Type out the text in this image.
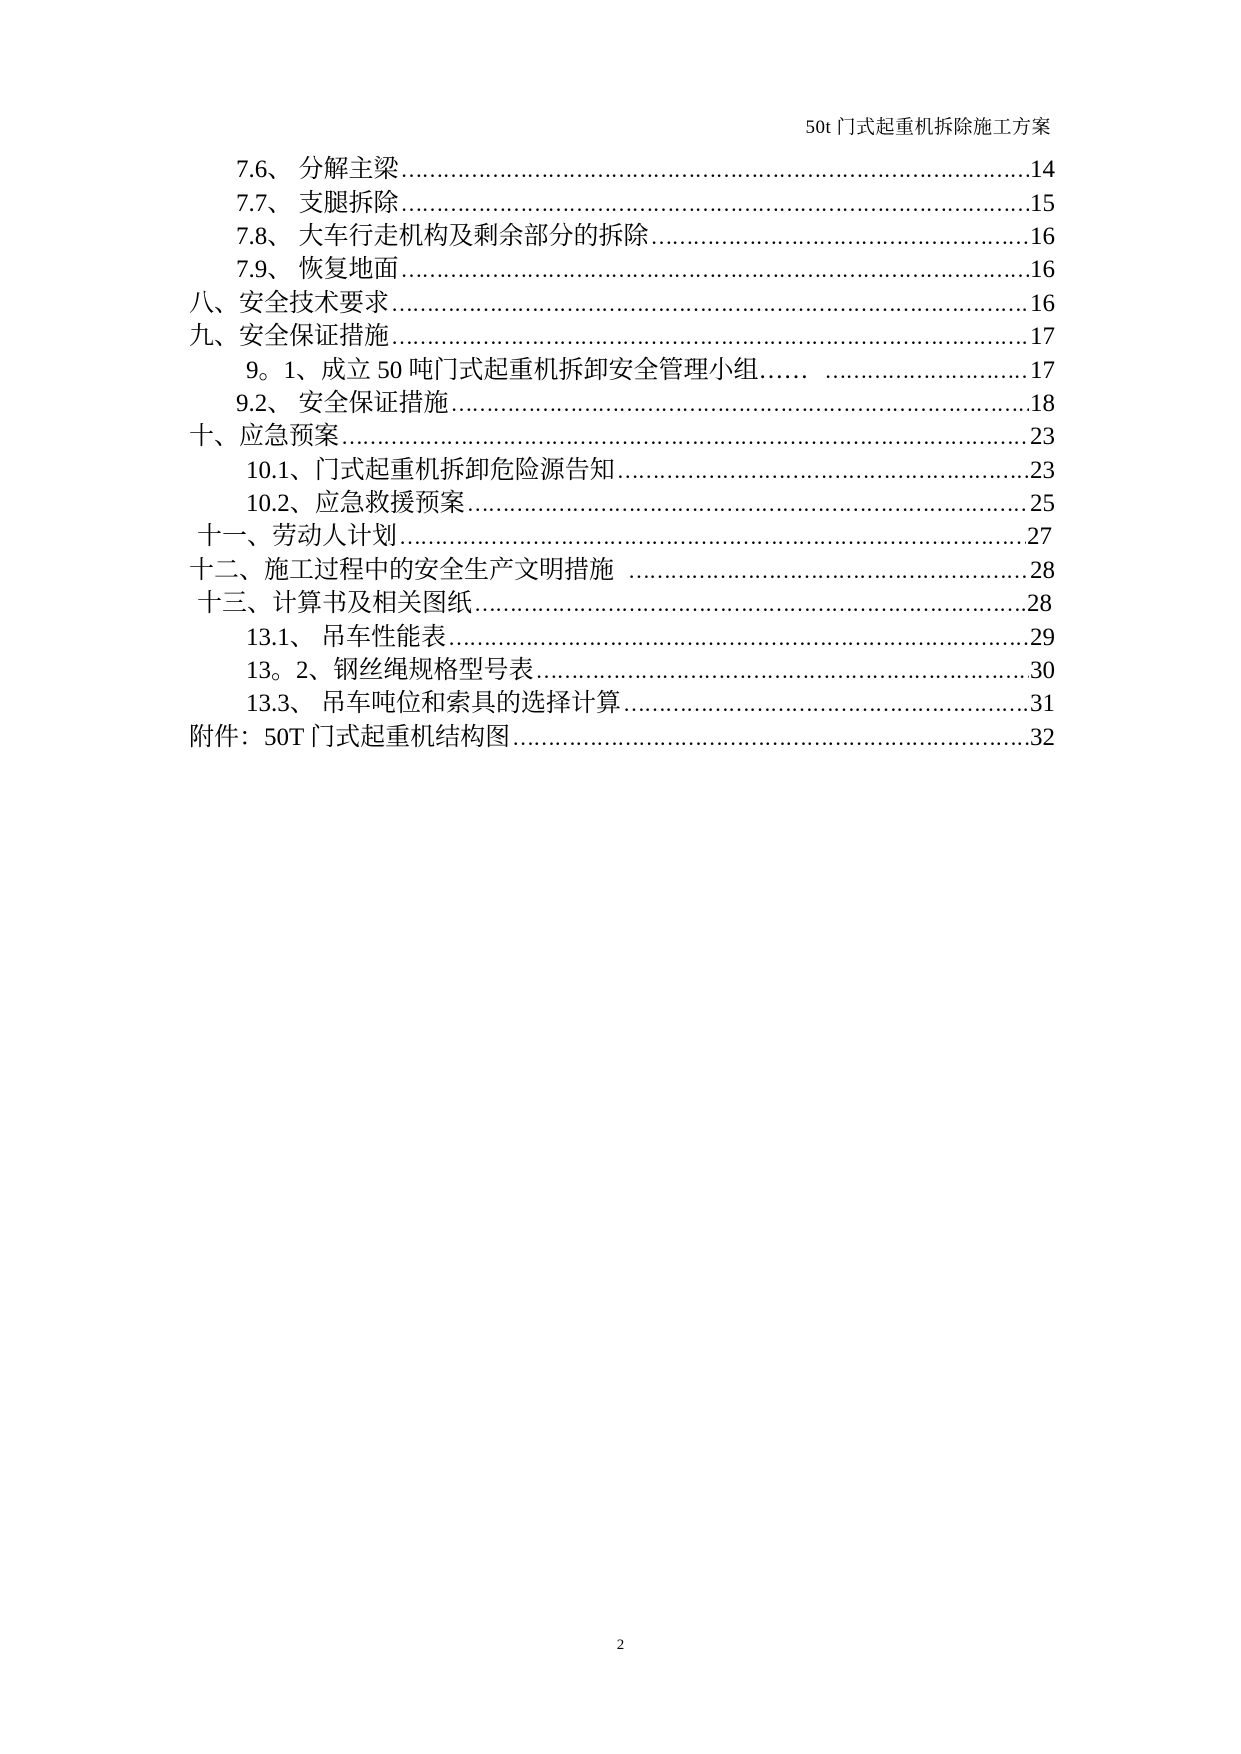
50t 门式起重机拆除施工方案
7.6、 分解主梁 ………………………………………………………………………………………………………………………………………………………………………………	14
7.7、 支腿拆除 ………………………………………………………………………………………………………………………………………………………………………………	15
7.8、 大车行走机构及剩余部分的拆除 ………………………………………………………………………………………………………………………………………………………………………………	16
7.9、 恢复地面 ………………………………………………………………………………………………………………………………………………………………………………	16
八、安全技术要求 ………………………………………………………………………………………………………………………………………………………………………………	16
九、安全保证措施 ………………………………………………………………………………………………………………………………………………………………………………	17
9。1、成立 50 吨门式起重机拆卸安全管理小组…… ………………………………………………………………………………………………………………………………………………………………………………	17
9.2、 安全保证措施 ………………………………………………………………………………………………………………………………………………………………………………	18
十、应急预案 ………………………………………………………………………………………………………………………………………………………………………………	23
10.1、门式起重机拆卸危险源告知 ………………………………………………………………………………………………………………………………………………………………………………	23
10.2、应急救援预案 ………………………………………………………………………………………………………………………………………………………………………………	25
十一、劳动人计划 ………………………………………………………………………………………………………………………………………………………………………………	27
十二、施工过程中的安全生产文明措施 ………………………………………………………………………………………………………………………………………………………………………………	28
十三、计算书及相关图纸 ………………………………………………………………………………………………………………………………………………………………………………	28
13.1、 吊车性能表 ………………………………………………………………………………………………………………………………………………………………………………	29
13。2、钢丝绳规格型号表 ………………………………………………………………………………………………………………………………………………………………………………	30
13.3、 吊车吨位和索具的选择计算 ………………………………………………………………………………………………………………………………………………………………………………	31
附件：50T 门式起重机结构图 ………………………………………………………………………………………………………………………………………………………………………………	32
2
